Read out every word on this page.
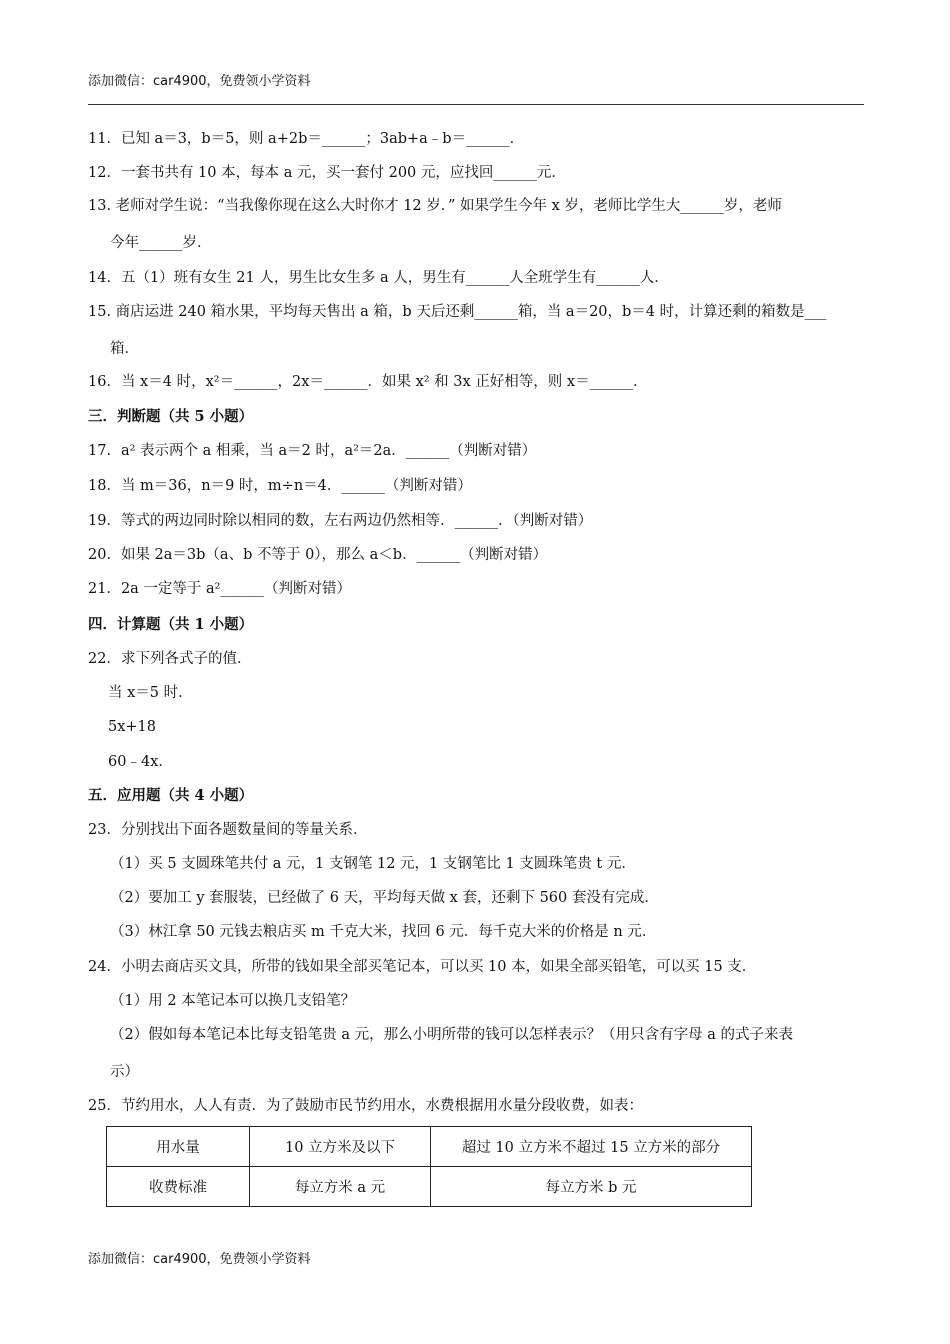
添加微信：car4900，免费领小学资料
11．已知 a＝3，b＝5，则 a+2b＝______；3ab+a﹣b＝______．
12．一套书共有 10 本，每本 a 元，买一套付 200 元，应找回______元．
13. 老师对学生说：“当我像你现在这么大时你才 12 岁．” 如果学生今年 x 岁，老师比学生大______岁，老师
今年______岁．
14．五（1）班有女生 21 人，男生比女生多 a 人，男生有______人全班学生有______人．
15. 商店运进 240 箱水果，平均每天售出 a 箱，b 天后还剩______箱，当 a＝20，b＝4 时，计算还剩的箱数是___
箱．
16．当 x＝4 时，x²＝______，2x＝______．如果 x² 和 3x 正好相等，则 x＝______．
三．判断题（共 5 小题）
17．a² 表示两个 a 相乘，当 a＝2 时，a²＝2a．______（判断对错）
18．当 m＝36，n＝9 时，m÷n＝4．______（判断对错）
19．等式的两边同时除以相同的数，左右两边仍然相等．______．（判断对错）
20．如果 2a＝3b（a、b 不等于 0），那么 a＜b．______（判断对错）
21．2a 一定等于 a²______（判断对错）
四．计算题（共 1 小题）
22．求下列各式子的值．
当 x＝5 时．
5x+18
60﹣4x．
五．应用题（共 4 小题）
23．分别找出下面各题数量间的等量关系．
（1）买 5 支圆珠笔共付 a 元，1 支钢笔 12 元，1 支钢笔比 1 支圆珠笔贵 t 元．
（2）要加工 y 套服装，已经做了 6 天，平均每天做 x 套，还剩下 560 套没有完成．
（3）林江拿 50 元钱去粮店买 m 千克大米，找回 6 元．每千克大米的价格是 n 元．
24．小明去商店买文具，所带的钱如果全部买笔记本，可以买 10 本，如果全部买铅笔，可以买 15 支．
（1）用 2 本笔记本可以换几支铅笔？
（2）假如每本笔记本比每支铅笔贵 a 元，那么小明所带的钱可以怎样表示？（用只含有字母 a 的式子来表
示）
25．节约用水，人人有责．为了鼓励市民节约用水，水费根据用水量分段收费，如表：
用水量	10 立方米及以下	超过 10 立方米不超过 15 立方米的部分
收费标准	每立方米 a 元	每立方米 b 元
添加微信：car4900，免费领小学资料
